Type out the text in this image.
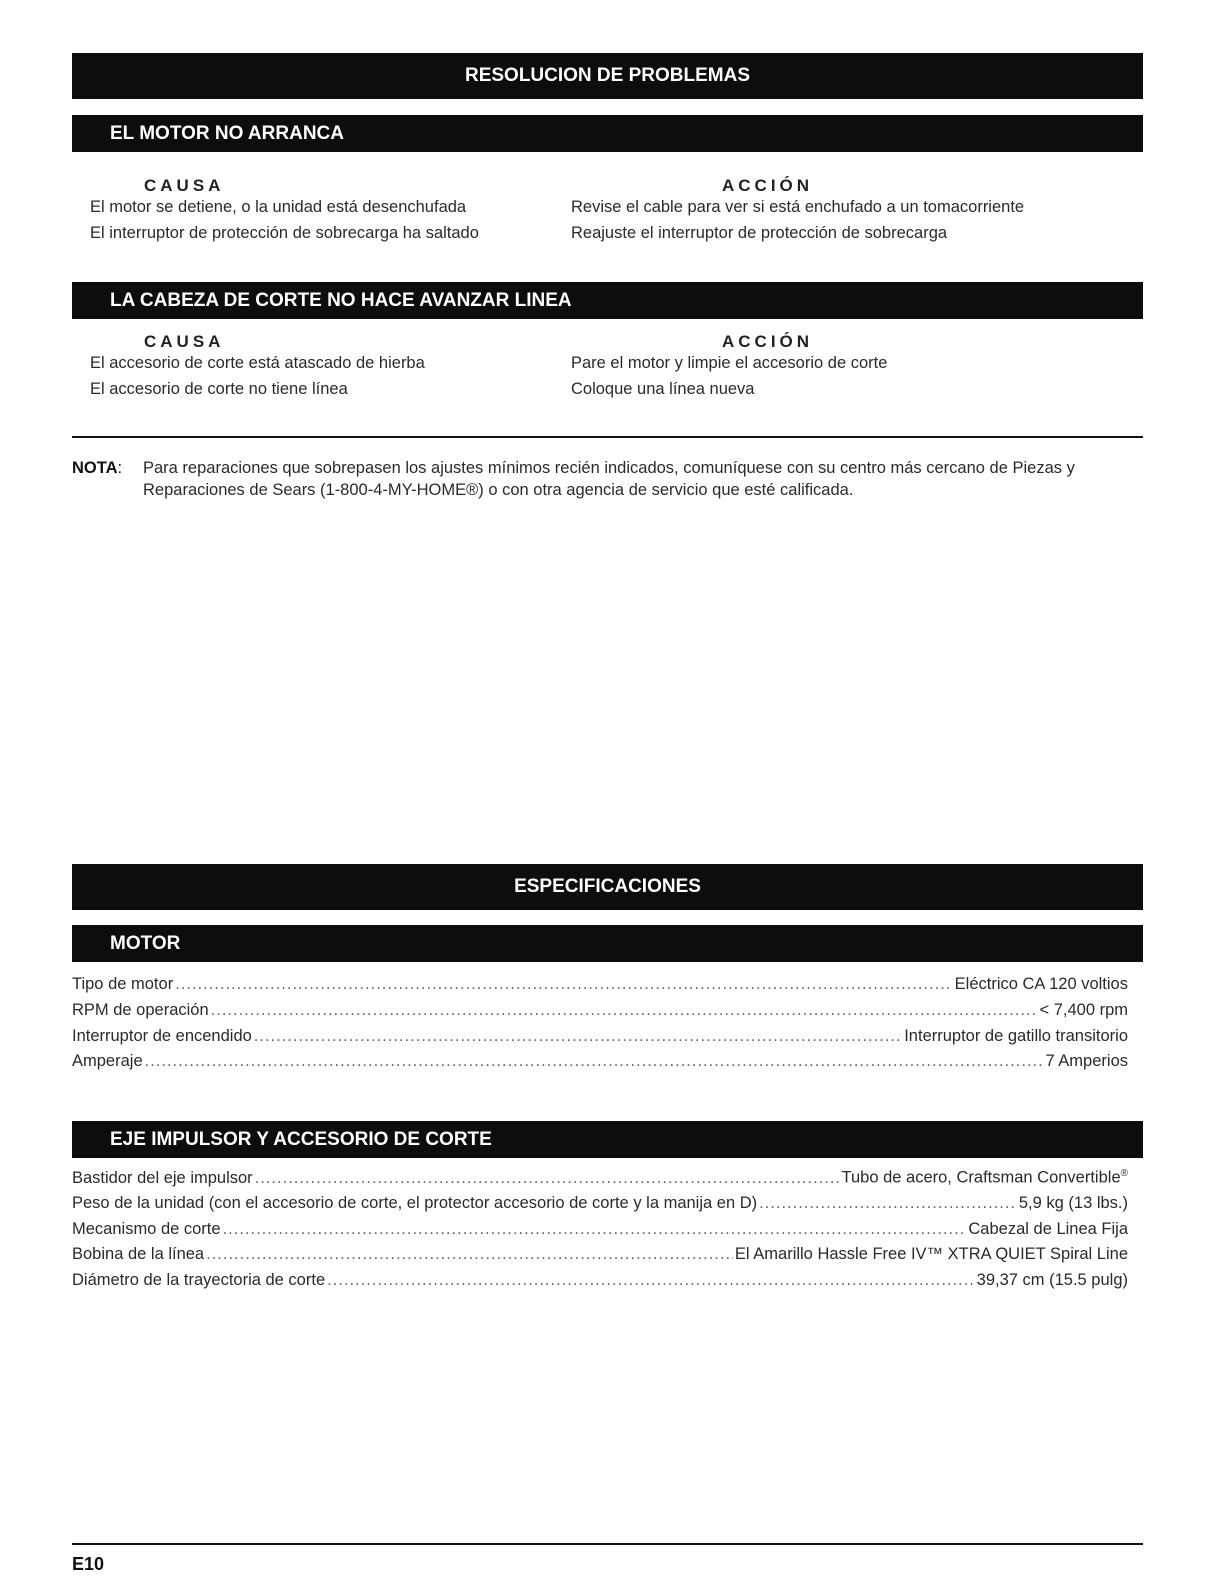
RESOLUCION DE PROBLEMAS
EL MOTOR NO ARRANCA
CAUSA	ACCIÓN
El motor se detiene, o la unidad está desenchufada	Revise el cable para ver si está enchufado a un tomacorriente
El interruptor de protección de sobrecarga ha saltado	Reajuste el interruptor de protección de sobrecarga
LA CABEZA DE CORTE NO HACE AVANZAR LINEA
CAUSA	ACCIÓN
El accesorio de corte está atascado de hierba	Pare el motor y limpie el accesorio de corte
El accesorio de corte no tiene línea	Coloque una línea nueva
NOTA: Para reparaciones que sobrepasen los ajustes mínimos recién indicados, comuníquese con su centro más cercano de Piezas y Reparaciones de Sears (1-800-4-MY-HOME®) o con otra agencia de servicio que esté calificada.
ESPECIFICACIONES
MOTOR
Tipo de motor .....	Eléctrico CA 120 voltios
RPM de operación .....	< 7,400 rpm
Interruptor de encendido .....	Interruptor de gatillo transitorio
Amperaje .....	7 Amperios
EJE IMPULSOR Y ACCESORIO DE CORTE
Bastidor del eje impulsor .....	Tubo de acero, Craftsman Convertible®
Peso de la unidad (con el accesorio de corte, el protector accesorio de corte y la manija en D) .....	5,9 kg (13 lbs.)
Mecanismo de corte .....	Cabezal de Linea Fija
Bobina de la línea .....	El Amarillo Hassle Free IV™ XTRA QUIET Spiral Line
Diámetro de la trayectoria de corte .....	39,37 cm (15.5 pulg)
E10
